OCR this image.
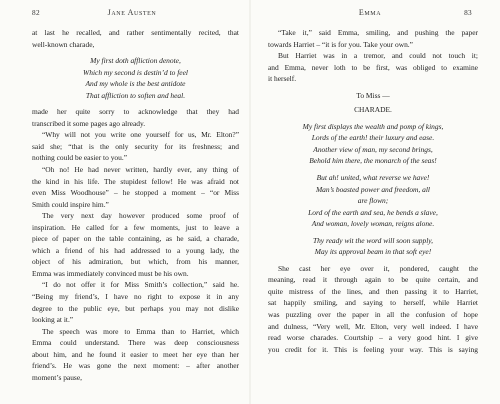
82	Jane Austen
at last he recalled, and rather sentimentally recited, that
well-known charade,
My first doth affliction denote,
Which my second is destin’d to feel
And my whole is the best antidote
That affliction to soften and heal.
made her quite sorry to acknowledge that they had
transcribed it some pages ago already.
“Why will not you write one yourself for us, Mr. Elton?”
said she; “that is the only security for its freshness; and
nothing could be easier to you.”
“Oh no! He had never written, hardly ever, any thing of
the kind in his life. The stupidest fellow! He was afraid not
even Miss Woodhouse” – he stopped a moment – “or Miss
Smith could inspire him.”
The very next day however produced some proof of
inspiration. He called for a few moments, just to leave a
piece of paper on the table containing, as he said, a charade,
which a friend of his had addressed to a young lady, the
object of his admiration, but which, from his manner,
Emma was immediately convinced must be his own.
“I do not offer it for Miss Smith’s collection,” said he.
“Being my friend’s, I have no right to expose it in any
degree to the public eye, but perhaps you may not dislike
looking at it.”
The speech was more to Emma than to Harriet, which
Emma could understand. There was deep consciousness
about him, and he found it easier to meet her eye than her
friend’s. He was gone the next moment: – after another
moment’s pause,
Emma	83
“Take it,” said Emma, smiling, and pushing the paper
towards Harriet – “it is for you. Take your own.”
But Harriet was in a tremor, and could not touch it;
and Emma, never loth to be first, was obliged to examine
it herself.
To Miss —
CHARADE.
My first displays the wealth and pomp of kings,
Lords of the earth! their luxury and ease.
Another view of man, my second brings,
Behold him there, the monarch of the seas!
But ah! united, what reverse we have!
Man’s boasted power and freedom, all
are flown;
Lord of the earth and sea, he bends a slave,
And woman, lovely woman, reigns alone.
Thy ready wit the word will soon supply,
May its approval beam in that soft eye!
She cast her eye over it, pondered, caught the
meaning, read it through again to be quite certain, and
quite mistress of the lines, and then passing it to Harriet,
sat happily smiling, and saying to herself, while Harriet
was puzzling over the paper in all the confusion of hope
and dulness, “Very well, Mr. Elton, very well indeed. I have
read worse charades. Courtship – a very good hint. I give
you credit for it. This is feeling your way. This is saying
